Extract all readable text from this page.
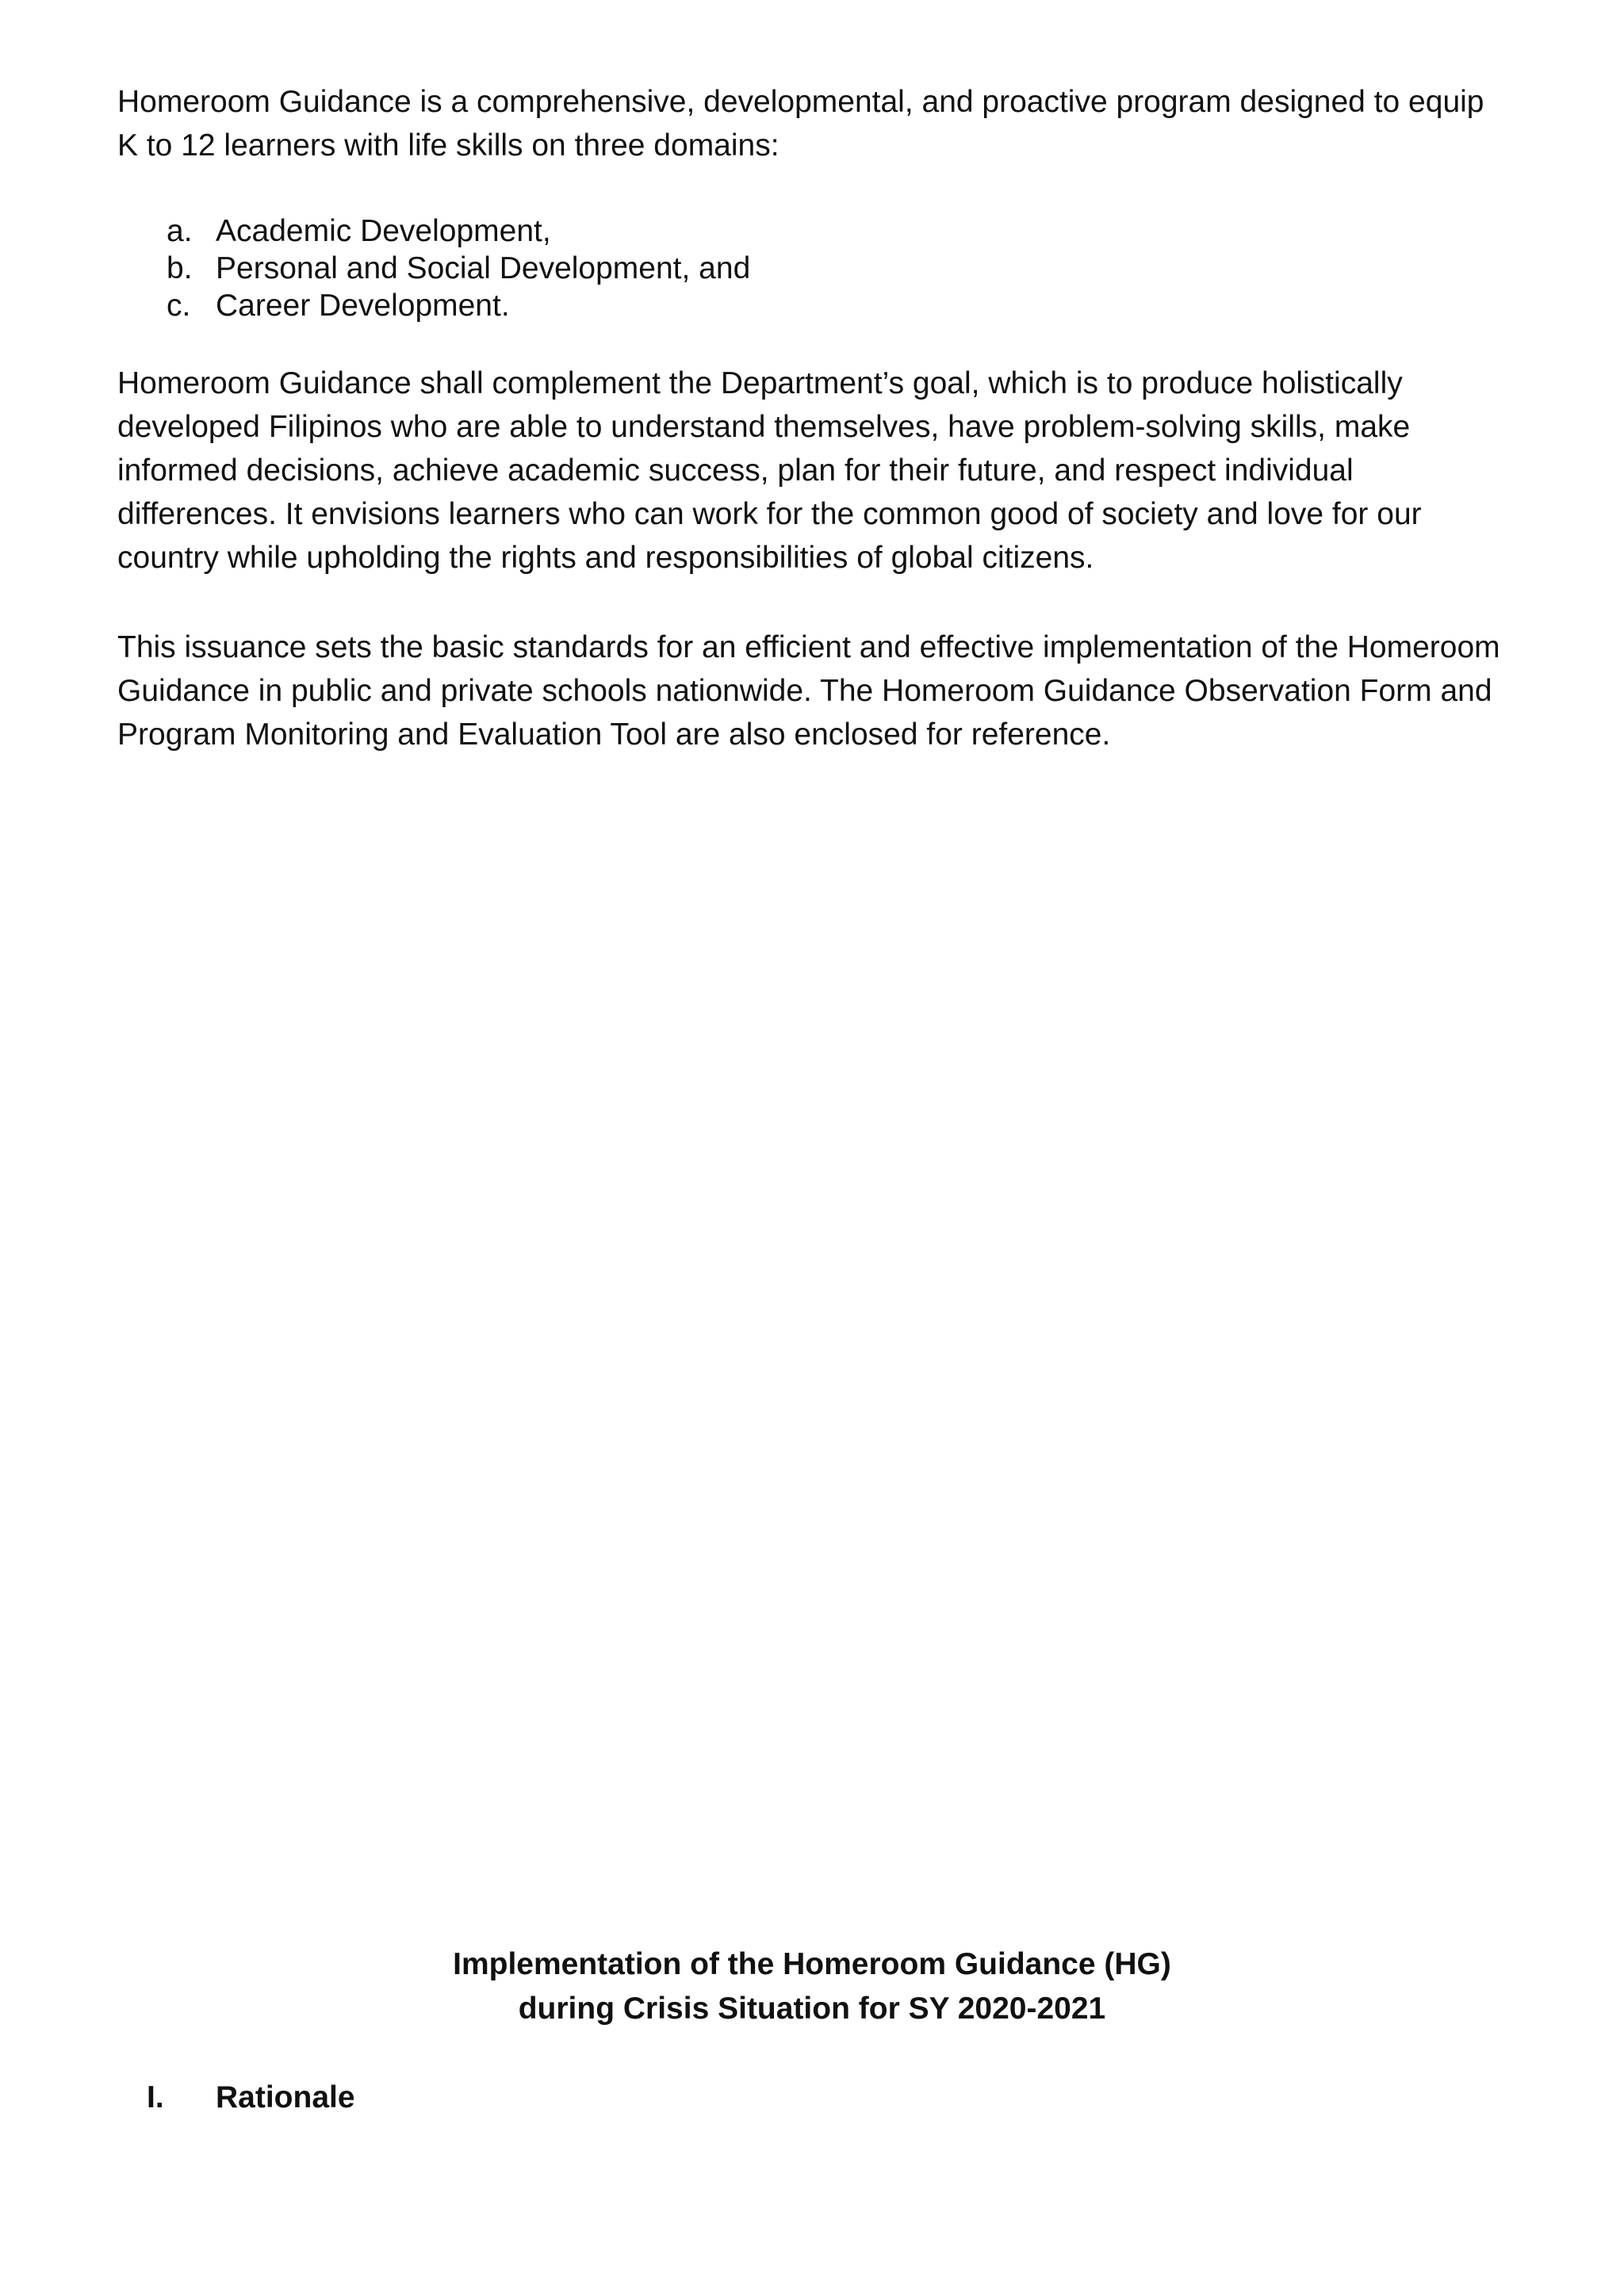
Homeroom Guidance is a comprehensive, developmental, and proactive program designed to equip K to 12 learners with life skills on three domains:

a. Academic Development,
b. Personal and Social Development, and
c. Career Development.

Homeroom Guidance shall complement the Department’s goal, which is to produce holistically developed Filipinos who are able to understand themselves, have problem-solving skills, make informed decisions, achieve academic success, plan for their future, and respect individual differences. It envisions learners who can work for the common good of society and love for our country while upholding the rights and responsibilities of global citizens.

This issuance sets the basic standards for an efficient and effective implementation of the Homeroom Guidance in public and private schools nationwide. The Homeroom Guidance Observation Form and Program Monitoring and Evaluation Tool are also enclosed for reference.

Implementation of the Homeroom Guidance (HG)
during Crisis Situation for SY 2020-2021
I. Rationale
